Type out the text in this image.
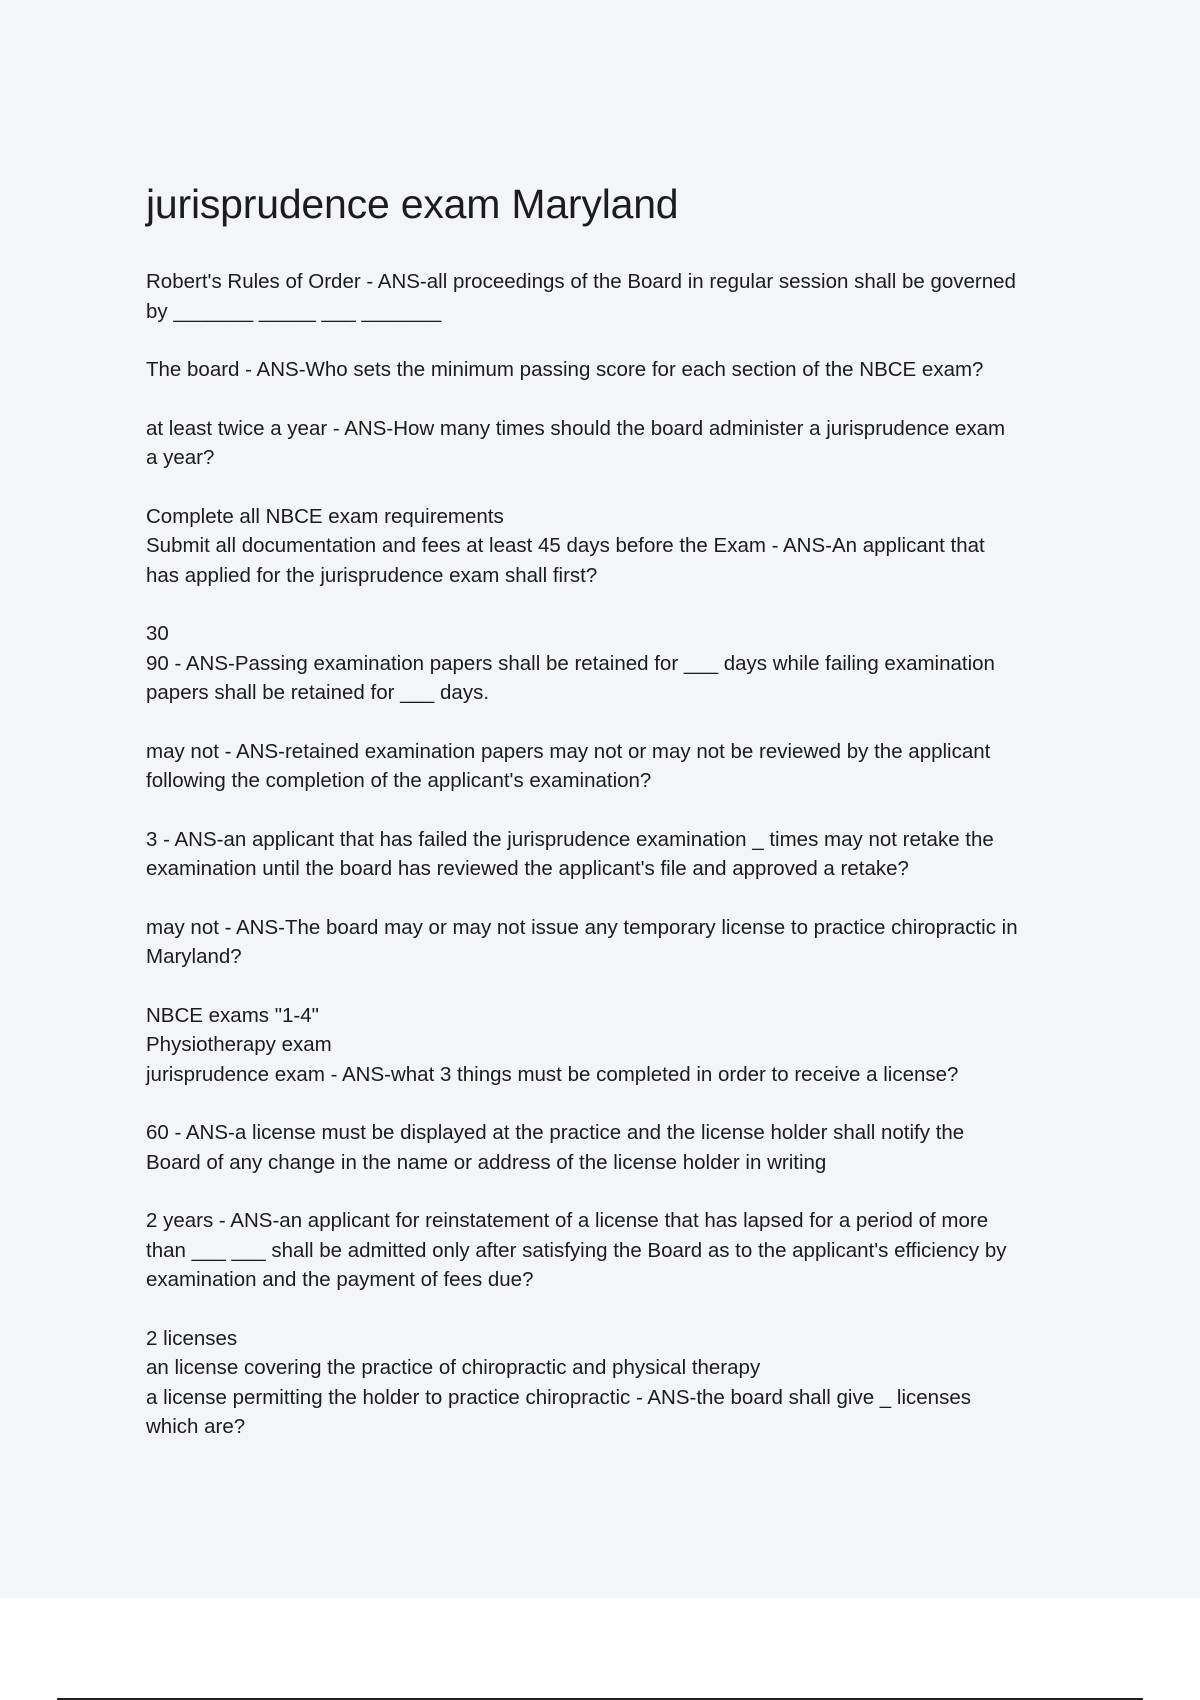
jurisprudence exam Maryland
Robert's Rules of Order - ANS-all proceedings of the Board in regular session shall be governed
by _______ _____ ___ _______
The board - ANS-Who sets the minimum passing score for each section of the NBCE exam?
at least twice a year - ANS-How many times should the board administer a jurisprudence exam
a year?
Complete all NBCE exam requirements
Submit all documentation and fees at least 45 days before the Exam - ANS-An applicant that
has applied for the jurisprudence exam shall first?
30
90 - ANS-Passing examination papers shall be retained for ___ days while failing examination
papers shall be retained for ___ days.
may not - ANS-retained examination papers may not or may not be reviewed by the applicant
following the completion of the applicant's examination?
3 - ANS-an applicant that has failed the jurisprudence examination _ times may not retake the
examination until the board has reviewed the applicant's file and approved a retake?
may not - ANS-The board may or may not issue any temporary license to practice chiropractic in
Maryland?
NBCE exams "1-4"
Physiotherapy exam
jurisprudence exam - ANS-what 3 things must be completed in order to receive a license?
60 - ANS-a license must be displayed at the practice and the license holder shall notify the
Board of any change in the name or address of the license holder in writing
2 years - ANS-an applicant for reinstatement of a license that has lapsed for a period of more
than ___ ___ shall be admitted only after satisfying the Board as to the applicant's efficiency by
examination and the payment of fees due?
2 licenses
an license covering the practice of chiropractic and physical therapy
a license permitting the holder to practice chiropractic - ANS-the board shall give _ licenses
which are?
